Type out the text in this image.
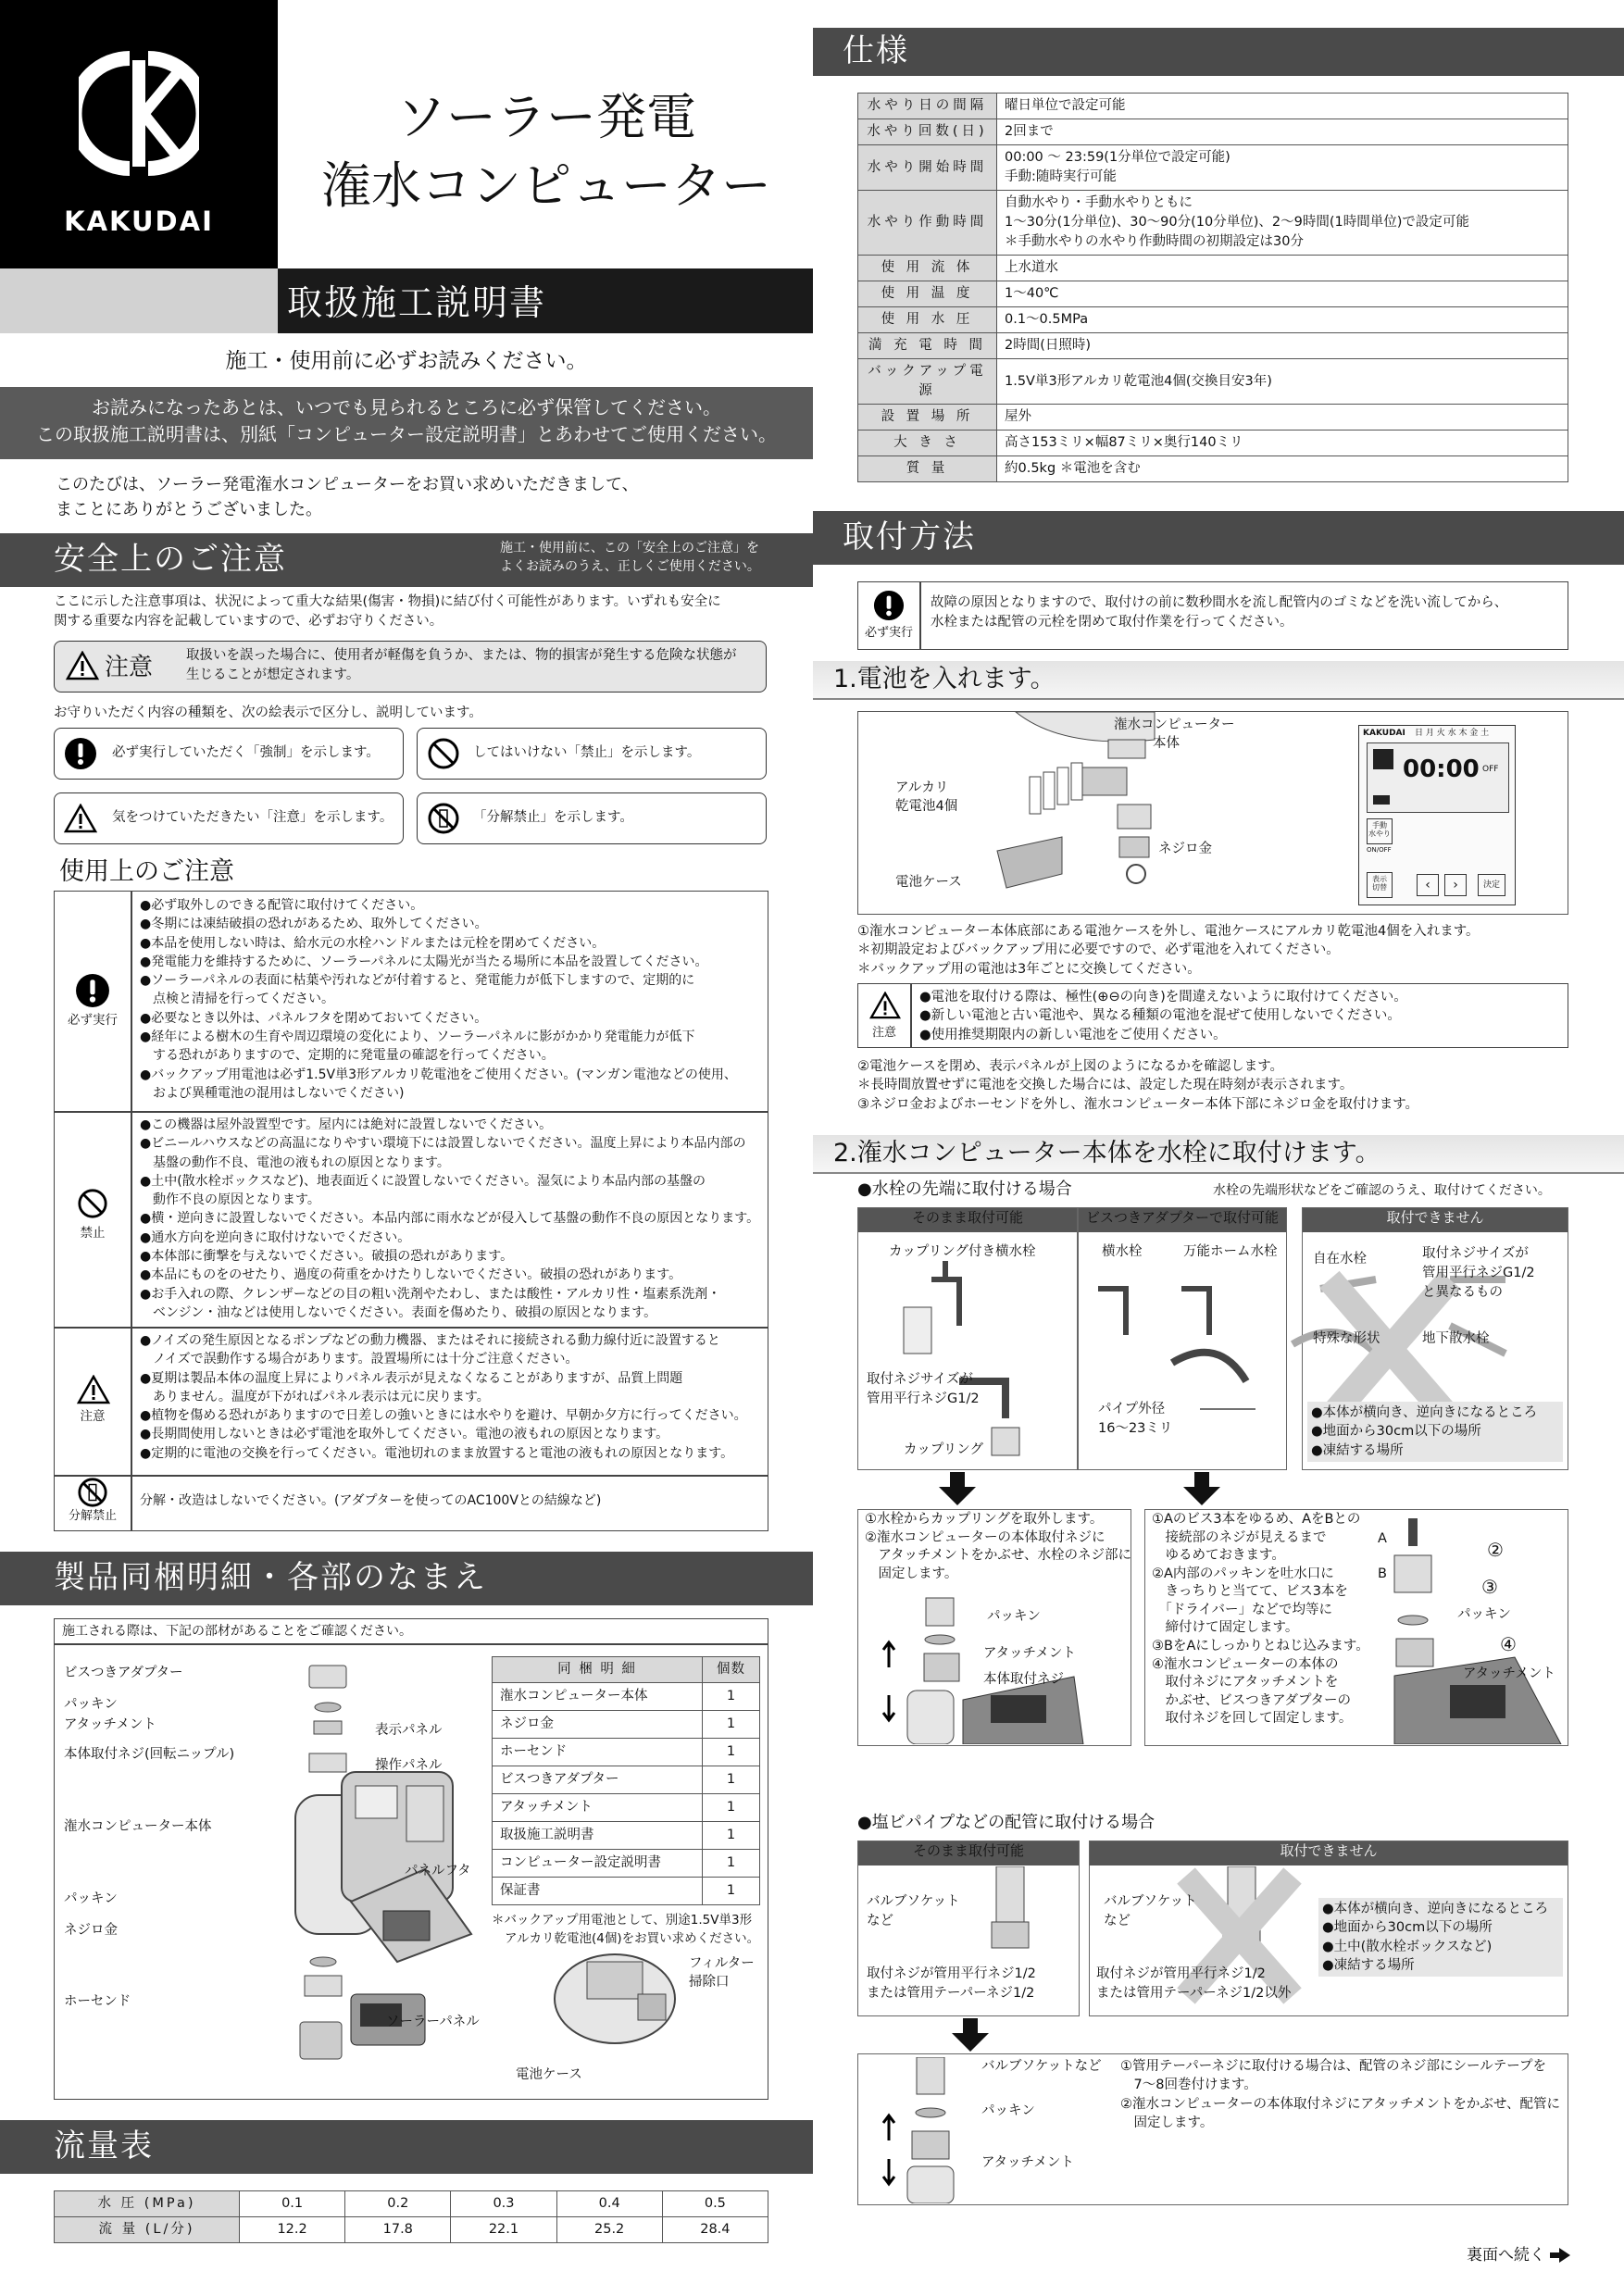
KAKUDAI
ソーラー発電
潅水コンピューター
取扱施工説明書
施工・使用前に必ずお読みください。
お読みになったあとは、いつでも見られるところに必ず保管してください。
この取扱施工説明書は、別紙「コンピューター設定説明書」とあわせてご使用ください。
このたびは、ソーラー発電潅水コンピューターをお買い求めいただきまして、
まことにありがとうございました。
安全上のご注意	施工・使用前に、この「安全上のご注意」を
よくお読みのうえ、正しくご使用ください。
ここに示した注意事項は、状況によって重大な結果(傷害・物損)に結び付く可能性があります。いずれも安全に
関する重要な内容を記載していますので、必ずお守りください。
注意 取扱いを誤った場合に、使用者が軽傷を負うか、または、物的損害が発生する危険な状態が
生じることが想定されます。
お守りいただく内容の種類を、次の絵表示で区分し、説明しています。
必ず実行していただく「強制」を示します。	してはいけない「禁止」を示します。
気をつけていただきたい「注意」を示します。	「分解禁止」を示します。
使用上のご注意
必ず実行
●必ず取外しのできる配管に取付けてください。
●冬期には凍結破損の恐れがあるため、取外してください。
●本品を使用しない時は、給水元の水栓ハンドルまたは元栓を閉めてください。
●発電能力を維持するために、ソーラーパネルに太陽光が当たる場所に本品を設置してください。
●ソーラーパネルの表面に枯葉や汚れなどが付着すると、発電能力が低下しますので、定期的に
　点検と清掃を行ってください。
●必要なとき以外は、パネルフタを閉めておいてください。
●経年による樹木の生育や周辺環境の変化により、ソーラーパネルに影がかかり発電能力が低下
　する恐れがありますので、定期的に発電量の確認を行ってください。
●バックアップ用電池は必ず1.5V単3形アルカリ乾電池をご使用ください。(マンガン電池などの使用、
　および異種電池の混用はしないでください)
禁止
●この機器は屋外設置型です。屋内には絶対に設置しないでください。
●ビニールハウスなどの高温になりやすい環境下には設置しないでください。温度上昇により本品内部の
　基盤の動作不良、電池の液もれの原因となります。
●土中(散水栓ボックスなど)、地表面近くに設置しないでください。湿気により本品内部の基盤の
　動作不良の原因となります。
●横・逆向きに設置しないでください。本品内部に雨水などが侵入して基盤の動作不良の原因となります。
●通水方向を逆向きに取付けないでください。
●本体部に衝撃を与えないでください。破損の恐れがあります。
●本品にものをのせたり、過度の荷重をかけたりしないでください。破損の恐れがあります。
●お手入れの際、クレンザーなどの目の粗い洗剤やたわし、または酸性・アルカリ性・塩素系洗剤・
　ベンジン・油などは使用しないでください。表面を傷めたり、破損の原因となります。
注意
●ノイズの発生原因となるポンプなどの動力機器、またはそれに接続される動力線付近に設置すると
　ノイズで誤動作する場合があります。設置場所には十分ご注意ください。
●夏期は製品本体の温度上昇によりパネル表示が見えなくなることがありますが、品質上問題
　ありません。温度が下がればパネル表示は元に戻ります。
●植物を傷める恐れがありますので日差しの強いときには水やりを避け、早朝か夕方に行ってください。
●長期間使用しないときは必ず電池を取外してください。電池の液もれの原因となります。
●定期的に電池の交換を行ってください。電池切れのまま放置すると電池の液もれの原因となります。
分解禁止
分解・改造はしないでください。(アダプターを使ってのAC100Vとの結線など)
製品同梱明細・各部のなまえ
施工される際は、下記の部材があることをご確認ください。
ビスつきアダプター
パッキン
アタッチメント
本体取付ネジ(回転ニップル)
潅水コンピューター本体
パッキン
ネジロ金
ホーセンド
表示パネル
操作パネル
パネルフタ
ソーラーパネル
フィルター
掃除口
電池ケース
同 梱 明 細	個数
潅水コンピューター本体	1
ネジロ金	1
ホーセンド	1
ビスつきアダプター	1
アタッチメント	1
取扱施工説明書	1
コンピューター設定説明書	1
保証書	1
＊バックアップ用電池として、別途1.5V単3形
アルカリ乾電池(4個)をお買い求めください。
流量表
水 圧 (MPa)	0.1	0.2	0.3	0.4	0.5
流 量 (L/分)	12.2	17.8	22.1	25.2	28.4
仕様
水やり日の間隔	曜日単位で設定可能

水やり回数(日)	2回まで

水やり開始時間	00:00 ～ 23:59(1分単位で設定可能)
手動:随時実行可能

水やり作動時間	自動水やり・手動水やりともに
1～30分(1分単位)、30～90分(10分単位)、2～9時間(1時間単位)で設定可能
＊手動水やりの水やり作動時間の初期設定は30分

使 用 流 体	上水道水

使 用 温 度	1～40℃

使 用 水 圧	0.1～0.5MPa

満 充 電 時 間	2時間(日照時)

バックアップ電源	1.5V単3形アルカリ乾電池4個(交換目安3年)

設 置 場 所	屋外

大 き さ	高さ153ミリ×幅87ミリ×奥行140ミリ

質 量	約0.5kg ＊電池を含む
取付方法
必ず実行
故障の原因となりますので、取付けの前に数秒間水を流し配管内のゴミなどを洗い流してから、
水栓または配管の元栓を閉めて取付作業を行ってください。
1.電池を入れます。
潅水コンピューター
本体
アルカリ
乾電池4個
ネジロ金
電池ケース
KAKUDAI 日 月 火 水 木 金 土
00:00 OFF
手動
水やり
ON/OFF
表示
切替	‹	›	決定
①潅水コンピューター本体底部にある電池ケースを外し、電池ケースにアルカリ乾電池4個を入れます。
＊初期設定およびバックアップ用に必要ですので、必ず電池を入れてください。
＊バックアップ用の電池は3年ごとに交換してください。
注意
●電池を取付ける際は、極性(⊕⊖の向き)を間違えないように取付けてください。
●新しい電池と古い電池や、異なる種類の電池を混ぜて使用しないでください。
●使用推奨期限内の新しい電池をご使用ください。
②電池ケースを閉め、表示パネルが上図のようになるかを確認します。
＊長時間放置せずに電池を交換した場合には、設定した現在時刻が表示されます。
③ネジロ金およびホーセンドを外し、潅水コンピューター本体下部にネジロ金を取付けます。
2.潅水コンピューター本体を水栓に取付けます。
●水栓の先端に取付ける場合	水栓の先端形状などをご確認のうえ、取付けてください。
そのまま取付可能	ビスつきアダプターで取付可能	取付できません
カップリング付き横水栓	横水栓	万能ホーム水栓
取付ネジサイズが
管用平行ネジG1/2
カップリング
パイプ外径
16～23ミリ
自在水栓	取付ネジサイズが
管用平行ネジG1/2
と異なるもの
特殊な形状	地下散水栓
●本体が横向き、逆向きになるところ
●地面から30cm以下の場所
●凍結する場所
①水栓からカップリングを取外します。
②潅水コンピューターの本体取付ネジに
　アタッチメントをかぶせ、水栓のネジ部に
　固定します。
パッキン
アタッチメント
本体取付ネジ
①Aのビス3本をゆるめ、AをBとの
　接続部のネジが見えるまで
　ゆるめておきます。
②A内部のパッキンを吐水口に
　きっちりと当てて、ビス3本を
　「ドライバー」などで均等に
　締付けて固定します。
③BをAにしっかりとねじ込みます。
④潅水コンピューターの本体の
　取付ネジにアタッチメントを
　かぶせ、ビスつきアダプターの
　取付ネジを回して固定します。
A
B
②
③
パッキン
④
アタッチメント
●塩ビパイプなどの配管に取付ける場合
そのまま取付可能	取付できません
バルブソケット
など
取付ネジが管用平行ネジ1/2
または管用テーパーネジ1/2
バルブソケット
など
取付ネジが管用平行ネジ1/2
または管用テーパーネジ1/2以外
●本体が横向き、逆向きになるところ
●地面から30cm以下の場所
●土中(散水栓ボックスなど)
●凍結する場所
バルブソケットなど
パッキン
アタッチメント
①管用テーパーネジに取付ける場合は、配管のネジ部にシールテープを
　7～8回巻付けます。
②潅水コンピューターの本体取付ネジにアタッチメントをかぶせ、配管に
　固定します。
裏面へ続く
